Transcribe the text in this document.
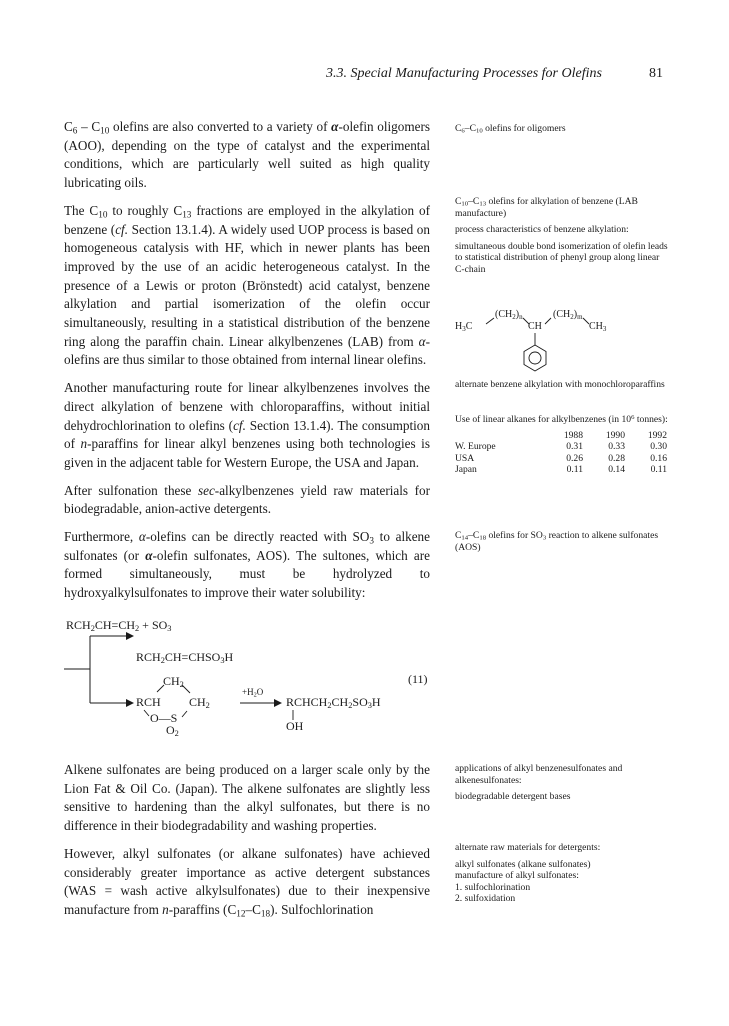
3.3. Special Manufacturing Processes for Olefins	81

$C_6 - C_{10}$ olefins are also converted to a variety of α-olefin oligomers (AOO), depending on the type of catalyst and the experimental conditions, which are particularly well suited as high quality lubricating oils.

The $C_{10}$ to roughly $C_{13}$ fractions are employed in the alkylation of benzene (cf. Section 13.1.4). A widely used UOP process is based on homogeneous catalysis with HF, which in newer plants has been improved by the use of an acidic heterogeneous catalyst. In the presence of a Lewis or proton (Brönstedt) acid catalyst, benzene alkylation and partial isomerization of the olefin occur simultaneously, resulting in a statistical distribution of the benzene ring along the paraffin chain. Linear alkylbenzenes (LAB) from α-olefins are thus similar to those obtained from internal linear olefins.

Another manufacturing route for linear alkylbenzenes involves the direct alkylation of benzene with chloroparaffins, without initial dehydrochlorination to olefins (cf. Section 13.1.4). The consumption of n-paraffins for linear alkyl benzenes using both technologies is given in the adjacent table for Western Europe, the USA and Japan.

After sulfonation these sec-alkylbenzenes yield raw materials for biodegradable, anion-active detergents.

Furthermore, α-olefins can be directly reacted with $SO_3$ to alkene sulfonates (or α-olefin sulfonates, AOS). The sultones, which are formed simultaneously, must be hydrolyzed to hydroxyalkylsulfonates to improve their water solubility:

$RCH_2CH=CH_2 + SO_3$
$RCH_2CH=CHSO_3H$
$CH_2$
RCH $CH_2$
O—S
$O_2$
$+H_2O$
$RCHCH_2CH_2SO_3H$
OH
(11)

Alkene sulfonates are being produced on a larger scale only by the Lion Fat & Oil Co. (Japan). The alkene sulfonates are slightly less sensitive to hardening than the alkyl sulfonates, but there is no difference in their biodegradability and washing properties.

However, alkyl sulfonates (or alkane sulfonates) have achieved considerably greater importance as active detergent substances (WAS = wash active alkylsulfonates) due to their inexpensive manufacture from n-paraffins $(C_{12}-C_{18})$. Sulfochlorination

$C_6-C_{10}$ olefins for oligomers

$C_{10}-C_{13}$ olefins for alkylation of benzene (LAB manufacture)

process characteristics of benzene alkylation:

simultaneous double bond isomerization of olefin leads to statistical distribution of phenyl group along linear C-chain

$H_3C$
$(CH_2)_n$
CH
$(CH_2)_m$
$CH_3$
alternate benzene alkylation with monochloroparaffins

Use of linear alkanes for alkylbenzenes (in $10^6$ tonnes):

	1988	1990	1992
W. Europe	0.31	0.33	0.30
USA	0.26	0.28	0.16
Japan	0.11	0.14	0.11

$C_{14}-C_{18}$ olefins for $SO_3$ reaction to alkene sulfonates (AOS)

applications of alkyl benzenesulfonates and alkenesulfonates:

biodegradable detergent bases

alternate raw materials for detergents:

alkyl sulfonates (alkane sulfonates)

manufacture of alkyl sulfonates:

1. sulfochlorination

2. sulfoxidation
